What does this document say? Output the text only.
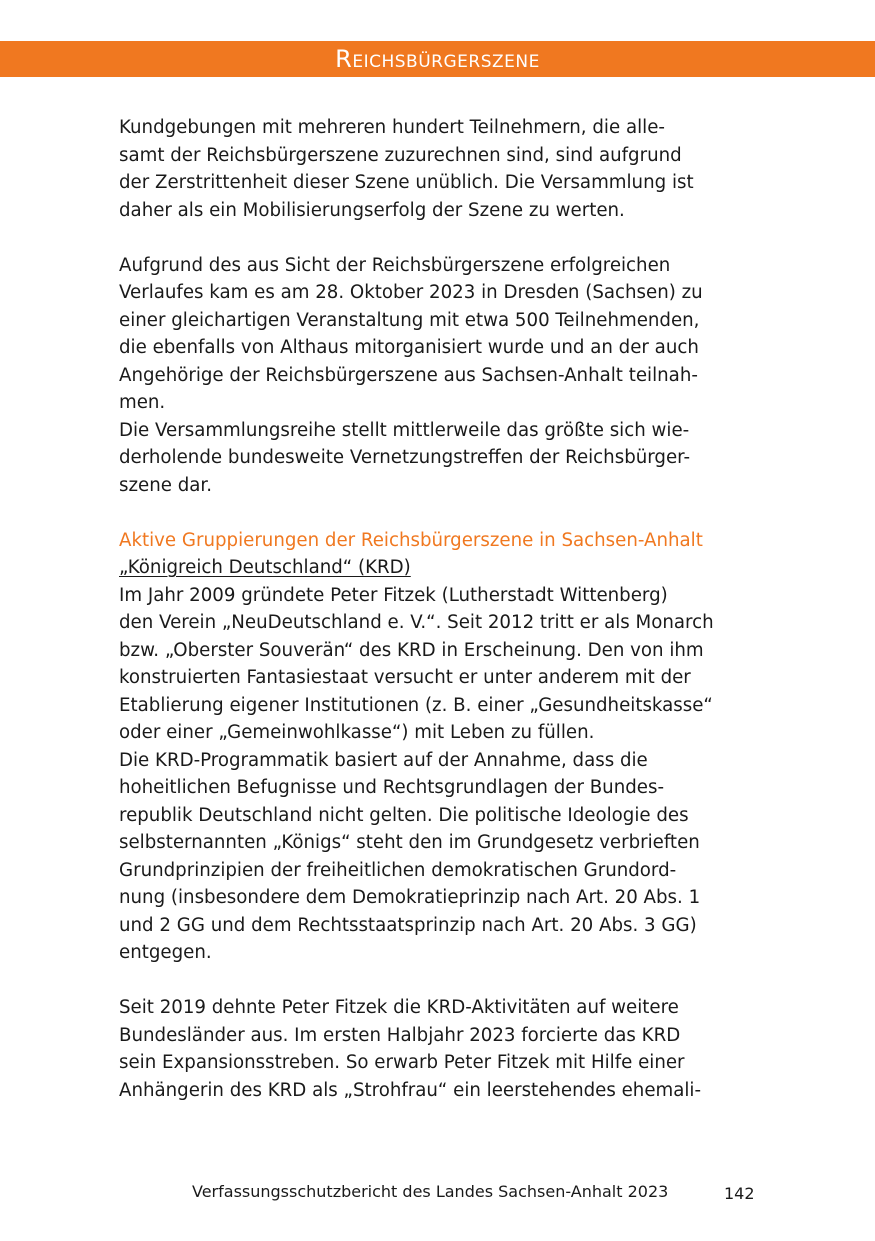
Reichsbürgerszene
Kundgebungen mit mehreren hundert Teilnehmern, die alle-
samt der Reichsbürgerszene zuzurechnen sind, sind aufgrund
der Zerstrittenheit dieser Szene unüblich. Die Versammlung ist
daher als ein Mobilisierungserfolg der Szene zu werten.
Aufgrund des aus Sicht der Reichsbürgerszene erfolgreichen
Verlaufes kam es am 28. Oktober 2023 in Dresden (Sachsen) zu
einer gleichartigen Veranstaltung mit etwa 500 Teilnehmenden,
die ebenfalls von Althaus mitorganisiert wurde und an der auch
Angehörige der Reichsbürgerszene aus Sachsen-Anhalt teilnah-
men.
Die Versammlungsreihe stellt mittlerweile das größte sich wie-
derholende bundesweite Vernetzungstreffen der Reichsbürger-
szene dar.
Aktive Gruppierungen der Reichsbürgerszene in Sachsen-Anhalt
„Königreich Deutschland“ (KRD)
Im Jahr 2009 gründete Peter Fitzek (Lutherstadt Wittenberg)
den Verein „NeuDeutschland e. V.“. Seit 2012 tritt er als Monarch
bzw. „Oberster Souverän“ des KRD in Erscheinung. Den von ihm
konstruierten Fantasiestaat versucht er unter anderem mit der
Etablierung eigener Institutionen (z. B. einer „Gesundheitskasse“
oder einer „Gemeinwohlkasse“) mit Leben zu füllen.
Die KRD-Programmatik basiert auf der Annahme, dass die
hoheitlichen Befugnisse und Rechtsgrundlagen der Bundes-
republik Deutschland nicht gelten. Die politische Ideologie des
selbsternannten „Königs“ steht den im Grundgesetz verbrieften
Grundprinzipien der freiheitlichen demokratischen Grundord-
nung (insbesondere dem Demokratieprinzip nach Art. 20 Abs. 1
und 2 GG und dem Rechtsstaatsprinzip nach Art. 20 Abs. 3 GG)
entgegen.
Seit 2019 dehnte Peter Fitzek die KRD-Aktivitäten auf weitere
Bundesländer aus. Im ersten Halbjahr 2023 forcierte das KRD
sein Expansionsstreben. So erwarb Peter Fitzek mit Hilfe einer
Anhängerin des KRD als „Strohfrau“ ein leerstehendes ehemali-
Verfassungsschutzbericht des Landes Sachsen-Anhalt 2023	142
